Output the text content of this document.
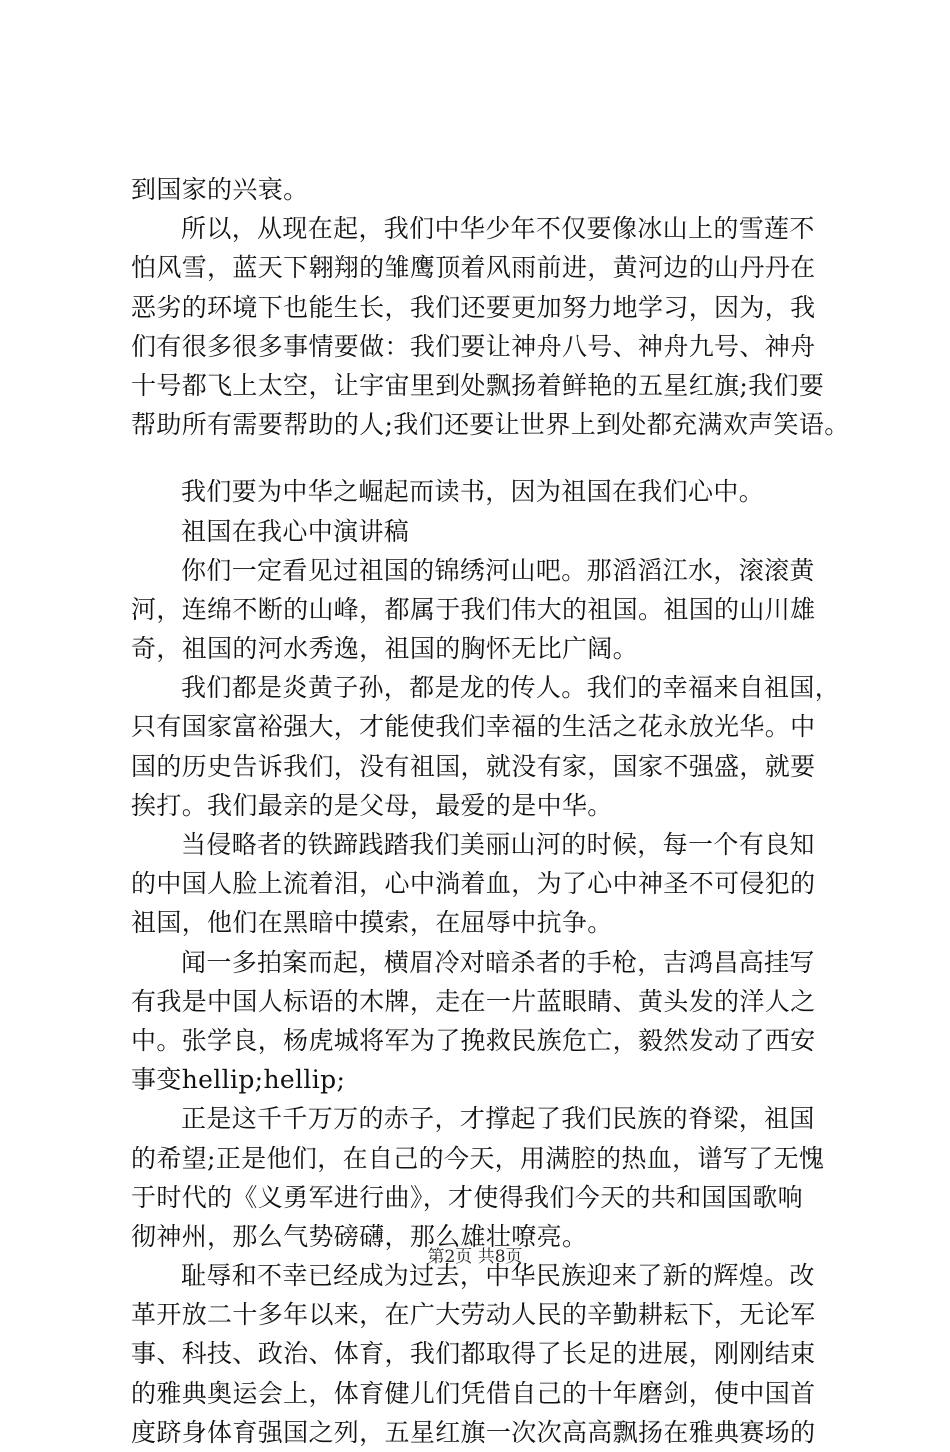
到国家的兴衰。
所以，从现在起，我们中华少年不仅要像冰山上的雪莲不
怕风雪，蓝天下翱翔的雏鹰顶着风雨前进，黄河边的山丹丹在
恶劣的环境下也能生长，我们还要更加努力地学习，因为，我
们有很多很多事情要做：我们要让神舟八号、神舟九号、神舟
十号都飞上太空，让宇宙里到处飘扬着鲜艳的五星红旗;我们要
帮助所有需要帮助的人;我们还要让世界上到处都充满欢声笑语。
我们要为中华之崛起而读书，因为祖国在我们心中。
祖国在我心中演讲稿
你们一定看见过祖国的锦绣河山吧。那滔滔江水，滚滚黄
河，连绵不断的山峰，都属于我们伟大的祖国。祖国的山川雄
奇，祖国的河水秀逸，祖国的胸怀无比广阔。
我们都是炎黄子孙，都是龙的传人。我们的幸福来自祖国，
只有国家富裕强大，才能使我们幸福的生活之花永放光华。中
国的历史告诉我们，没有祖国，就没有家，国家不强盛，就要
挨打。我们最亲的是父母，最爱的是中华。
当侵略者的铁蹄践踏我们美丽山河的时候，每一个有良知
的中国人脸上流着泪，心中淌着血，为了心中神圣不可侵犯的
祖国，他们在黑暗中摸索，在屈辱中抗争。
闻一多拍案而起，横眉冷对暗杀者的手枪，吉鸿昌高挂写
有我是中国人标语的木牌，走在一片蓝眼睛、黄头发的洋人之
中。张学良，杨虎城将军为了挽救民族危亡，毅然发动了西安
事变hellip;hellip;
正是这千千万万的赤子，才撑起了我们民族的脊梁，祖国
的希望;正是他们，在自己的今天，用满腔的热血，谱写了无愧
于时代的《义勇军进行曲》，才使得我们今天的共和国国歌响
彻神州，那么气势磅礴，那么雄壮嘹亮。
耻辱和不幸已经成为过去，中华民族迎来了新的辉煌。改
革开放二十多年以来，在广大劳动人民的辛勤耕耘下，无论军
事、科技、政治、体育，我们都取得了长足的进展，刚刚结束
的雅典奥运会上，体育健儿们凭借自己的十年磨剑，使中国首
度跻身体育强国之列，五星红旗一次次高高飘扬在雅典赛场的
第2页 共8页
